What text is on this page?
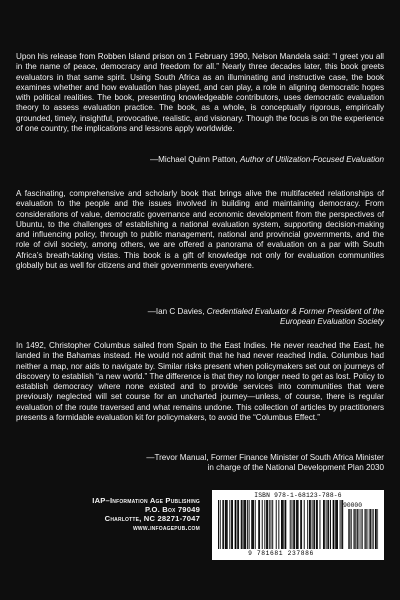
Upon his release from Robben Island prison on 1 February 1990, Nelson Mandela said: “I greet you all in the name of peace, democracy and freedom for all.” Nearly three decades later, this book greets evaluators in that same spirit. Using South Africa as an illuminating and instructive case, the book examines whether and how evaluation has played, and can play, a role in aligning democratic hopes with political realities. The book, presenting knowledgeable contributors, uses democratic evaluation theory to assess evaluation practice. The book, as a whole, is conceptually rigorous, empirically grounded, timely, insightful, provocative, realistic, and visionary. Though the focus is on the experience of one country, the implications and lessons apply worldwide.

—Michael Quinn Patton, Author of Utilization-Focused Evaluation

A fascinating, comprehensive and scholarly book that brings alive the multifaceted relationships of evaluation to the people and the issues involved in building and maintaining democracy. From considerations of value, democratic governance and economic development from the perspectives of Ubuntu, to the challenges of establishing a national evaluation system, supporting decision-making and influencing policy, through to public management, national and provincial governments, and the role of civil society, among others, we are offered a panorama of evaluation on a par with South Africa’s breath-taking vistas. This book is a gift of knowledge not only for evaluation communities globally but as well for citizens and their governments everywhere.

—Ian C Davies, Credentialed Evaluator & Former President of the European Evaluation Society

In 1492, Christopher Columbus sailed from Spain to the East Indies. He never reached the East, he landed in the Bahamas instead. He would not admit that he had never reached India. Columbus had neither a map, nor aids to navigate by. Similar risks present when policymakers set out on journeys of discovery to establish “a new world.” The difference is that they no longer need to get as lost. Policy to establish democracy where none existed and to provide services into communities that were previously neglected will set course for an uncharted journey—unless, of course, there is regular evaluation of the route traversed and what remains undone. This collection of articles by practitioners presents a formidable evaluation kit for policymakers, to avoid the “Columbus Effect.”

—Trevor Manual, Former Finance Minister of South Africa Minister in charge of the National Development Plan 2030

IAP–Information Age Publishing
P.O. Box 79049
Charlotte, NC 28271-7047
www.infoagepub.com
ISBN 978-1-68123-788-6
90000
9 781681 237886
